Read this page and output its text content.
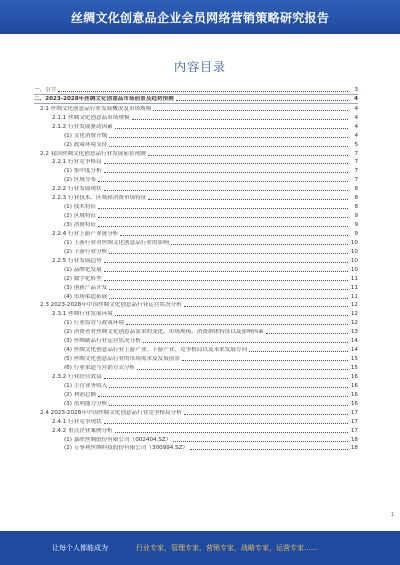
丝绸文化创意品企业会员网络营销策略研究报告
内容目录
一、引言	3
二、2023-2028年丝绸文化创意品市场前景及趋势预测	4
2.1 丝绸文化创意品行业发展概况及市场规模	4
2.1.1 丝绸文化创意品市场规模	4
2.1.2 行业发展驱动因素	4
(1) 文化消费升级	4
(2) 政策环境支持	5
2.2 我国丝绸文化创意品行业发展前景预测	7
2.2.1 行业竞争格局	7
(1) 集中度分析	7
(2) 区域分布	7
2.2.2 行业发展现状	8
2.2.3 行业技术、区域和消费市场特征	8
(1) 技术特征	8
(2) 区域特征	9
(3) 消费特征	9
2.2.4 行业上游产业链分析	9
(1) 上游行业对丝绸文化创意品行业的影响	10
(2) 下游行业分析	10
2.2.5 行业发展趋势	10
(1) 品牌化发展	10
(2) 数字化转型	11
(3) 创新产品开发	11
(4) 市场渠道拓展	11
2.3 2023-2028年中国丝绸文化创意品行业运营状况分析	12
2.3.1 丝绸行业发展环境	12
(1) 行业监管与政策环境	12
(2) 消费者对丝绸文化创意品需求的变化、市场规模、消费群体特征以及影响因素	13
(3) 丝绸制品行业运营状况分析	14
(4) 丝绸文化创意品行业上游产业、下游产业、竞争格局以及未来发展方向	14
(5) 丝绸文化创意品行业的市场需求及发展前景	15
(6) 行业渠道与营销方式分析	15
2.3.2 行业经营效益	16
(1) 主营业务收入	16
(2) 利润总额	16
(3) 盈利能力分析	16
2.4 2023-2028年中国丝绸文化创意品行业竞争格局分析	17
2.4.1 行业竞争现状	17
2.4.2 重点企业案例分析	17
(1) 嘉欣丝绸股份有限公司（002404.SZ）	18
(2) 万事利丝绸科技股份有限公司（300994.SZ）	18
1
让每个人都能成为	行业专家，管理专家，营销专家，战略专家，运营专家……
